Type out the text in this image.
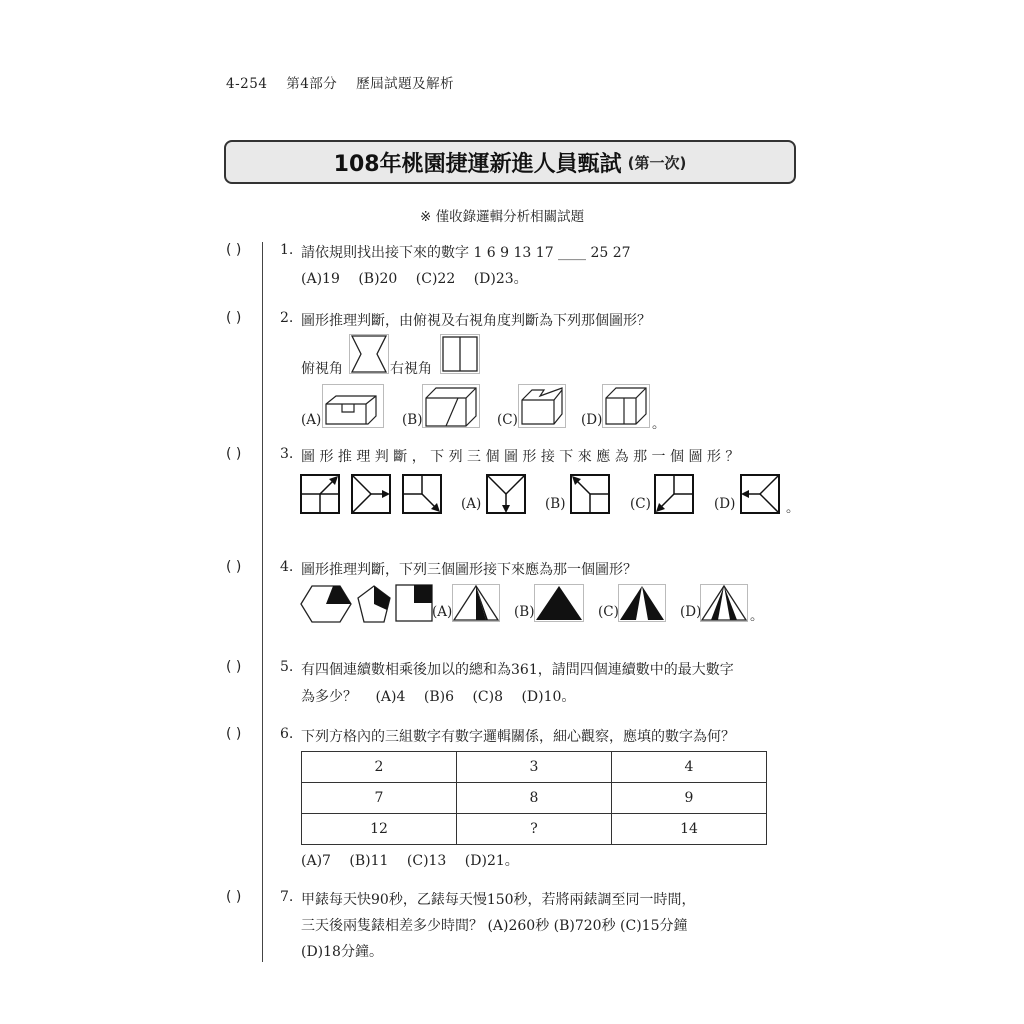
4-254 第4部分 歷屆試題及解析
108年桃園捷運新進人員甄試 (第一次)
※ 僅收錄邏輯分析相關試題
( )
( )
( )
( )
( )
( )
( )
1. 請依規則找出接下來的數字 1 6 9 13 17 ____ 25 27
(A)19 (B)20 (C)22 (D)23。
2. 圖形推理判斷，由俯視及右視角度判斷為下列那個圖形？
俯視角	右視角
(A)	(B)	(C)	(D)	。
3. 圖 形 推 理 判 斷 ， 下 列 三 個 圖 形 接 下 來 應 為 那 一 個 圖 形 ？
(A)	(B)	(C)	(D)	。
4. 圖形推理判斷，下列三個圖形接下來應為那一個圖形？
(A)	(B)	(C)	(D)	。
5. 有四個連續數相乘後加以的總和為361，請問四個連續數中的最大數字
為多少？ (A)4 (B)6 (C)8 (D)10。
6. 下列方格內的三組數字有數字邏輯關係，細心觀察，應填的數字為何？
2	3	4
7	8	9
12	?	14
(A)7 (B)11 (C)13 (D)21。
7. 甲錶每天快90秒，乙錶每天慢150秒，若將兩錶調至同一時間，
三天後兩隻錶相差多少時間？ (A)260秒 (B)720秒 (C)15分鐘
(D)18分鐘。
